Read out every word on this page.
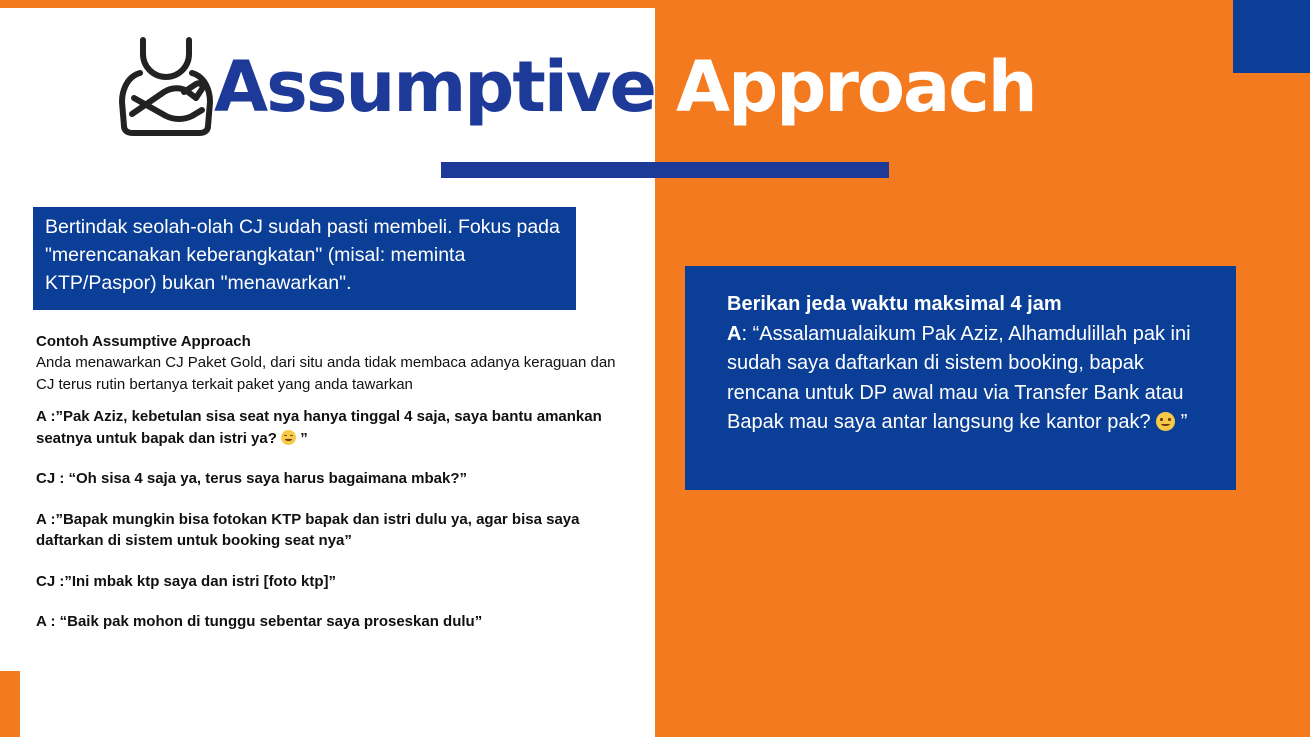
Assumptive Approach
Bertindak seolah-olah CJ sudah pasti membeli. Fokus pada "merencanakan keberangkatan" (misal: meminta KTP/Paspor) bukan "menawarkan".
Contoh Assumptive Approach

Anda menawarkan CJ Paket Gold, dari situ anda tidak membaca adanya keraguan dan CJ terus rutin bertanya terkait paket yang anda tawarkan

A :”Pak Aziz, kebetulan sisa seat nya hanya tinggal 4 saja, saya bantu amankan seatnya untuk bapak dan istri ya?
”

CJ : “Oh sisa 4 saja ya, terus saya harus bagaimana mbak?”

A :”Bapak mungkin bisa fotokan KTP bapak dan istri dulu ya, agar bisa saya daftarkan di sistem untuk booking seat nya”

CJ :”Ini mbak ktp saya dan istri [foto ktp]”

A : “Baik pak mohon di tunggu sebentar saya proseskan dulu”

Berikan jeda waktu maksimal 4 jam
A: “Assalamualaikum Pak Aziz, Alhamdulillah pak ini sudah saya daftarkan di sistem booking, bapak rencana untuk DP awal mau via Transfer Bank atau Bapak mau saya antar langsung ke kantor pak?
”
